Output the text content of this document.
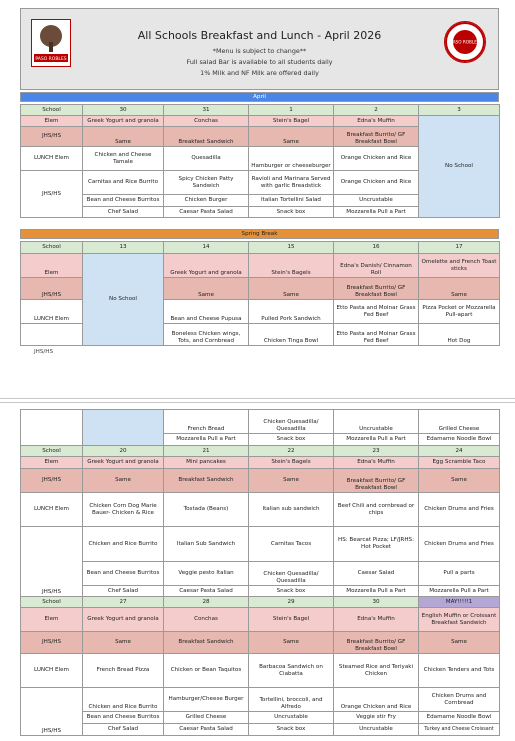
PASO ROBLES
PASO ROBLES
All Schools Breakfast and Lunch - April 2026
*Menu is subject to change**
Full salad Bar is available to all students daily
1% Milk and NF Milk are offered daily
April
School	30	31	1	2	3
Elem	Greek Yogurt and granola	Conchas	Stein's Bagel	Edna's Muffin	No School
JHS/HS	Same	Breakfast Sandwich	Same	Breakfast Burrito/ GF Breakfast Bowl	
LUNCH Elem	Chicken and Cheese Tamale	Quesadilla	Hamburger or cheeseburger	Orange Chicken and Rice	
JHS/HS	Carnitas and Rice Burrito	Spicy Chicken Patty Sandwich	Ravioli and Marinara Served with garlic Breadstick	Orange Chicken and Rice	
	Bean and Cheese Burritos	Chicken Burger	Italian Tortellini Salad	Uncrustable	
	Chef Salad	Caesar Pasta Salad	Snack box	Mozzarella Pull a Part	
Spring Break
School	13	14	15	16	17
Elem	No School	Greek Yogurt and granola	Stein's Bagels	Edna's Danish/ Cinnamon Roll	Omelette and French Toast sticks
JHS/HS		Same	Same	Breakfast Burrito/ GF Breakfast Bowl	Same
LUNCH Elem		Bean and Cheese Pupusa	Pulled Pork Sandwich	Etto Pasta and Molnar Grass Fed Beef	Pizza Pocket or Mozzarella Pull-apart
		Boneless Chicken wings, Tots, and Cornbread	Chicken Tinga Bowl	Etto Pasta and Molnar Grass Fed Beef	Hot Dog
JHS/HS
		French Bread	Chicken Quesadilla/ Quesadilla	Uncrustable	Grilled Cheese
		Mozzarella Pull a Part	Snack box	Mozzarella Pull a Part	Edamame Noodle Bowl
School	20	21	22	23	24
Elem	Greek Yogurt and granola	Mini pancakes	Stein's Bagels	Edna's Muffin	Egg Scramble Taco
JHS/HS	Same	Breakfast Sandwich	Same	Breakfast Burrito/ GF Breakfast Bowl	Same
LUNCH Elem	Chicken Corn Dog Marie Bauer- Chicken & Rice	Tostada (Beans)	Italian sub sandwich	Beef Chili and cornbread or chips	Chicken Drums and Fries
JHS/HS	Chicken and Rice Burrito	Italian Sub Sandwich	Carnitas Tacos	HS: Bearcat Pizza; LF/JRHS: Hot Pocket	Chicken Drums and Fries
	Bean and Cheese Burritos	Veggie pesto Italian	Chicken Quesadilla/ Quesadilla	Caesar Salad	Pull a parts
	Chef Salad	Caesar Pasta Salad	Snack box	Mozzarella Pull a Part	Mozzarella Pull a Part
School	27	28	29	30	MAY!!!!!1
Elem	Greek Yogurt and granola	Conchas	Stein's Bagel	Edna's Muffin	English Muffin or Croissant Breakfast Sandwich
JHS/HS	Same	Breakfast Sandwich	Same	Breakfast Burrito/ GF Breakfast Bowl	Same
LUNCH Elem	French Bread Pizza	Chicken or Bean Taquitos	Barbacoa Sandwich on Ciabatta	Steamed Rice and Teriyaki Chicken	Chicken Tenders and Tots
JHS/HS	Chicken and Rice Burrito	Hamburger/Cheese Burger	Tortellini, broccoli, and Alfredo	Orange Chicken and Rice	Chicken Drums and Cornbread
	Bean and Cheese Burritos	Grilled Cheese	Uncrustable	Veggie stir Fry	Edamame Noodle Bowl
	Chef Salad	Caesar Pasta Salad	Snack box	Uncrustable	Turkey and Cheese Croissant
